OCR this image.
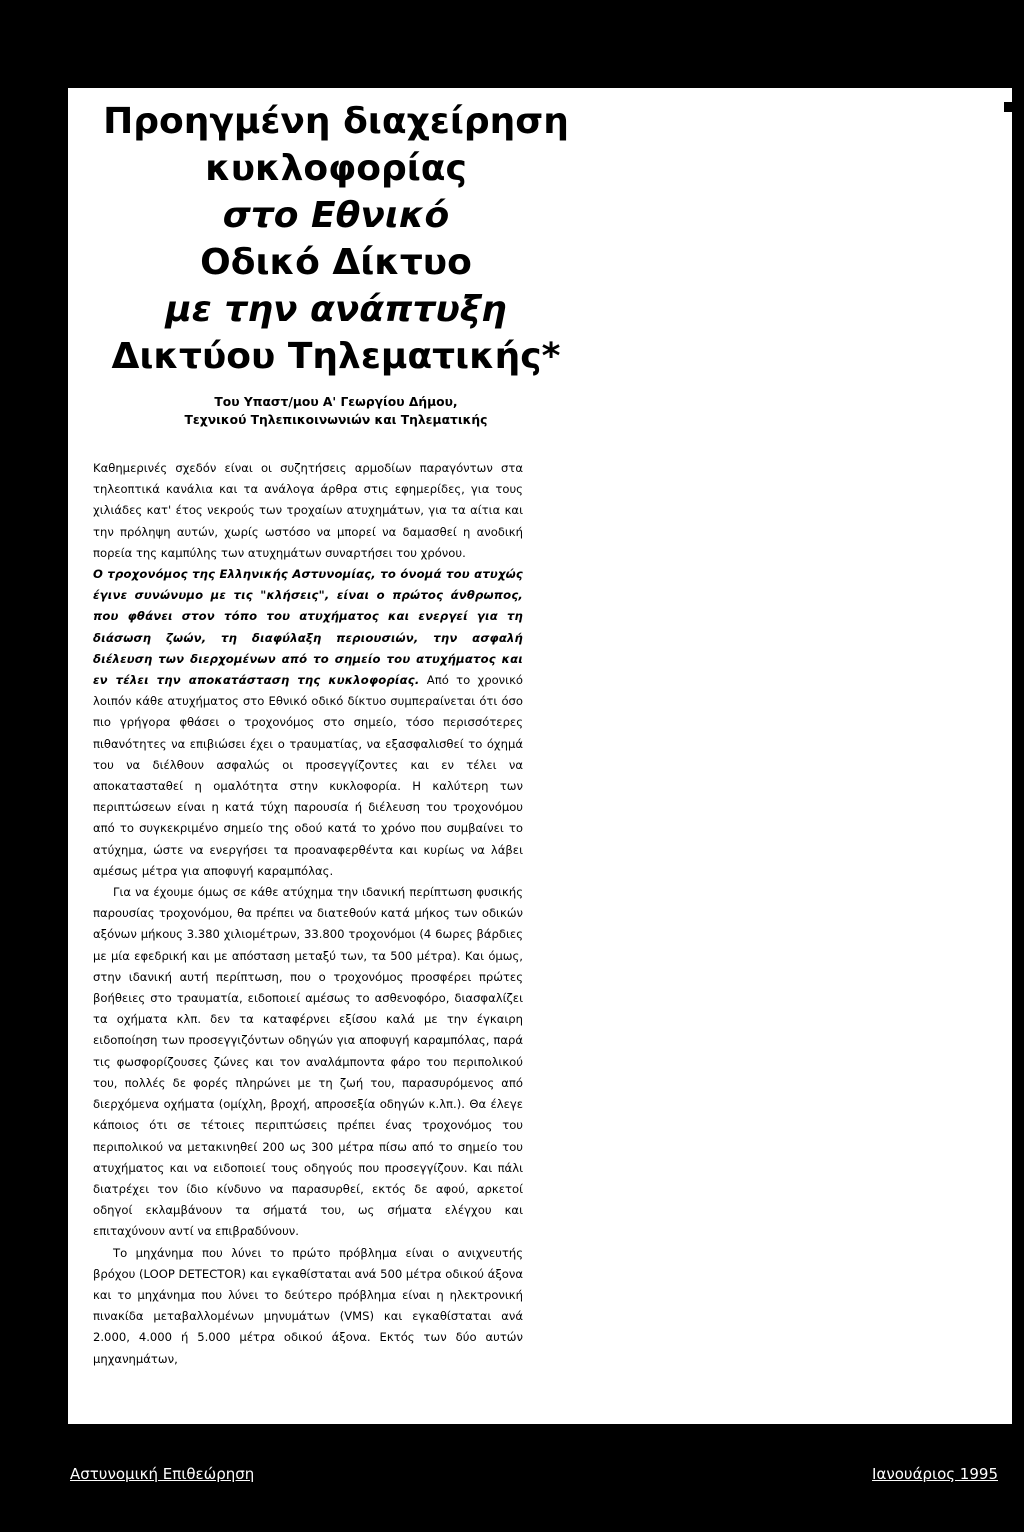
Προηγμένη διαχείρηση
κυκλοφορίας
στο Εθνικό
Οδικό Δίκτυο
με την ανάπτυξη
Δικτύου Τηλεματικής*
Του Υπαστ/μου Α' Γεωργίου Δήμου,
Τεχνικού Τηλεπικοινωνιών και Τηλεματικής

Καθημερινές σχεδόν είναι οι συζητήσεις αρμοδίων παραγόντων στα τηλεοπτικά κανάλια και τα ανάλογα άρθρα στις εφημερίδες, για τους χιλιάδες κατ' έτος νεκρούς των τροχαίων ατυχημάτων, για τα αίτια και την πρόληψη αυτών, χωρίς ωστόσο να μπορεί να δαμασθεί η ανοδική πορεία της καμπύλης των ατυχημάτων συναρτήσει του χρόνου.

Ο τροχονόμος της Ελληνικής Αστυνομίας, το όνομά του ατυχώς έγινε συνώνυμο με τις "κλήσεις", είναι ο πρώτος άνθρωπος, που φθάνει στον τόπο του ατυχήματος και ενεργεί για τη διάσωση ζωών, τη διαφύλαξη περιουσιών, την ασφαλή διέλευση των διερχομένων από το σημείο του ατυχήματος και εν τέλει την αποκατάσταση της κυκλοφορίας. Από το χρονικό λοιπόν κάθε ατυχήματος στο Εθνικό οδικό δίκτυο συμπεραίνεται ότι όσο πιο γρήγορα φθάσει ο τροχονόμος στο σημείο, τόσο περισσότερες πιθανότητες να επιβιώσει έχει ο τραυματίας, να εξασφαλισθεί το όχημά του να διέλθουν ασφαλώς οι προσεγγίζοντες και εν τέλει να αποκατασταθεί η ομαλότητα στην κυκλοφορία. Η καλύτερη των περιπτώσεων είναι η κατά τύχη παρουσία ή διέλευση του τροχονόμου από το συγκεκριμένο σημείο της οδού κατά το χρόνο που συμβαίνει το ατύχημα, ώστε να ενεργήσει τα προαναφερθέντα και κυρίως να λάβει αμέσως μέτρα για αποφυγή καραμπόλας.

Για να έχουμε όμως σε κάθε ατύχημα την ιδανική περίπτωση φυσικής παρουσίας τροχονόμου, θα πρέπει να διατεθούν κατά μήκος των οδικών αξόνων μήκους 3.380 χιλιομέτρων, 33.800 τροχονόμοι (4 6ωρες βάρδιες με μία εφεδρική και με απόσταση μεταξύ των, τα 500 μέτρα). Και όμως, στην ιδανική αυτή περίπτωση, που ο τροχονόμος προσφέρει πρώτες βοήθειες στο τραυματία, ειδοποιεί αμέσως το ασθενοφόρο, διασφαλίζει τα οχήματα κλπ. δεν τα καταφέρνει εξίσου καλά με την έγκαιρη ειδοποίηση των προσεγγιζόντων οδηγών για αποφυγή καραμπόλας, παρά τις φωσφορίζουσες ζώνες και τον αναλάμποντα φάρο του περιπολικού του, πολλές δε φορές πληρώνει με τη ζωή του, παρασυρόμενος από διερχόμενα οχήματα (ομίχλη, βροχή, απροσεξία οδηγών κ.λπ.). Θα έλεγε κάποιος ότι σε τέτοιες περιπτώσεις πρέπει ένας τροχονόμος του περιπολικού να μετακινηθεί 200 ως 300 μέτρα πίσω από το σημείο του ατυχήματος και να ειδοποιεί τους οδηγούς που προσεγγίζουν. Και πάλι διατρέχει τον ίδιο κίνδυνο να παρασυρθεί, εκτός δε αφού, αρκετοί οδηγοί εκλαμβάνουν τα σήματά του, ως σήματα ελέγχου και επιταχύνουν αντί να επιβραδύνουν.

Το μηχάνημα που λύνει το πρώτο πρόβλημα είναι ο ανιχνευτής βρόχου (LOOP DETECTOR) και εγκαθίσταται ανά 500 μέτρα οδικού άξονα και το μηχάνημα που λύνει το δεύτερο πρόβλημα είναι η ηλεκτρονική πινακίδα μεταβαλλομένων μηνυμάτων (VMS) και εγκαθίσταται ανά 2.000, 4.000 ή 5.000 μέτρα οδικού άξονα. Εκτός των δύο αυτών μηχανημάτων,

Αστυνομική Επιθεώρηση	Ιανουάριος 1995
